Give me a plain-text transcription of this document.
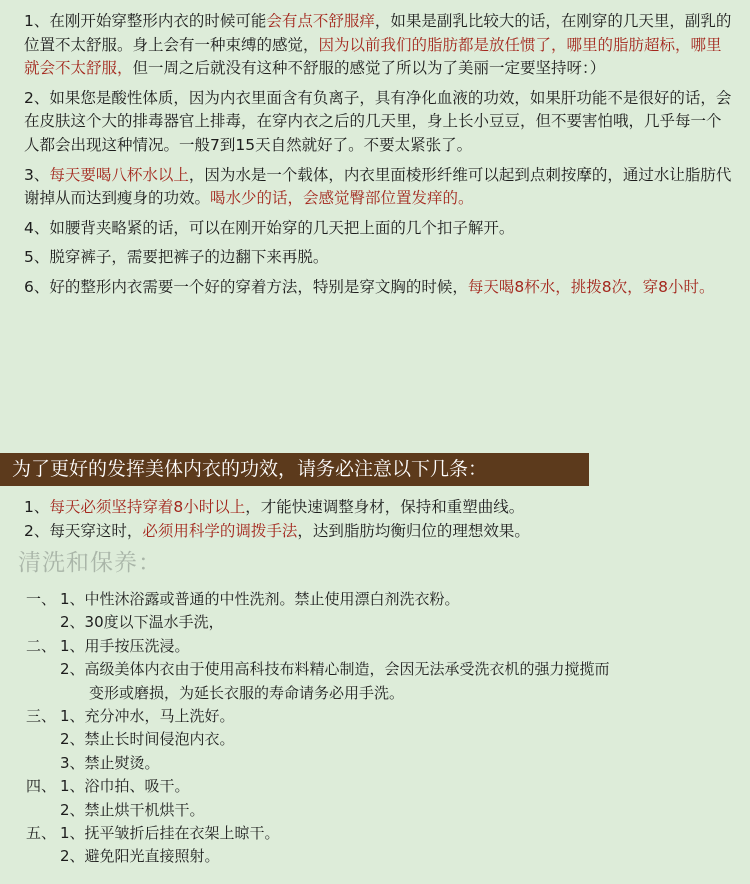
1、在刚开始穿整形内衣的时候可能会有点不舒服痒，如果是副乳比较大的话，在刚穿的几天里，副乳的位置不太舒服。身上会有一种束缚的感觉，因为以前我们的脂肪都是放任惯了，哪里的脂肪超标，哪里就会不太舒服，但一周之后就没有这种不舒服的感觉了所以为了美丽一定要坚持呀：）

2、如果您是酸性体质，因为内衣里面含有负离子，具有净化血液的功效，如果肝功能不是很好的话，会在皮肤这个大的排毒器官上排毒，在穿内衣之后的几天里，身上长小豆豆，但不要害怕哦，几乎每一个人都会出现这种情况。一般7到15天自然就好了。不要太紧张了。

3、每天要喝八杯水以上，因为水是一个载体，内衣里面棱形纤维可以起到点刺按摩的，通过水让脂肪代谢掉从而达到瘦身的功效。喝水少的话，会感觉臀部位置发痒的。

4、如腰背夹略紧的话，可以在刚开始穿的几天把上面的几个扣子解开。

5、脱穿裤子，需要把裤子的边翻下来再脱。

6、好的整形内衣需要一个好的穿着方法，特别是穿文胸的时候，每天喝8杯水，挑拨8次，穿8小时。

为了更好的发挥美体内衣的功效，请务必注意以下几条：

1、每天必须坚持穿着8小时以上，才能快速调整身材，保持和重塑曲线。

2、每天穿这时，必须用科学的调拨手法，达到脂肪均衡归位的理想效果。

清洗和保养：
一、 1、中性沐浴露或普通的中性洗剂。禁止使用漂白剂洗衣粉。
2、30度以下温水手洗，
二、 1、用手按压洗浸。
2、高级美体内衣由于使用高科技布料精心制造，会因无法承受洗衣机的强力搅揽而
变形或磨损，为延长衣服的寿命请务必用手洗。
三、 1、充分冲水，马上洗好。
2、禁止长时间侵泡内衣。
3、禁止熨烫。
四、 1、浴巾拍、吸干。
2、禁止烘干机烘干。
五、 1、抚平皱折后挂在衣架上晾干。
2、避免阳光直接照射。
